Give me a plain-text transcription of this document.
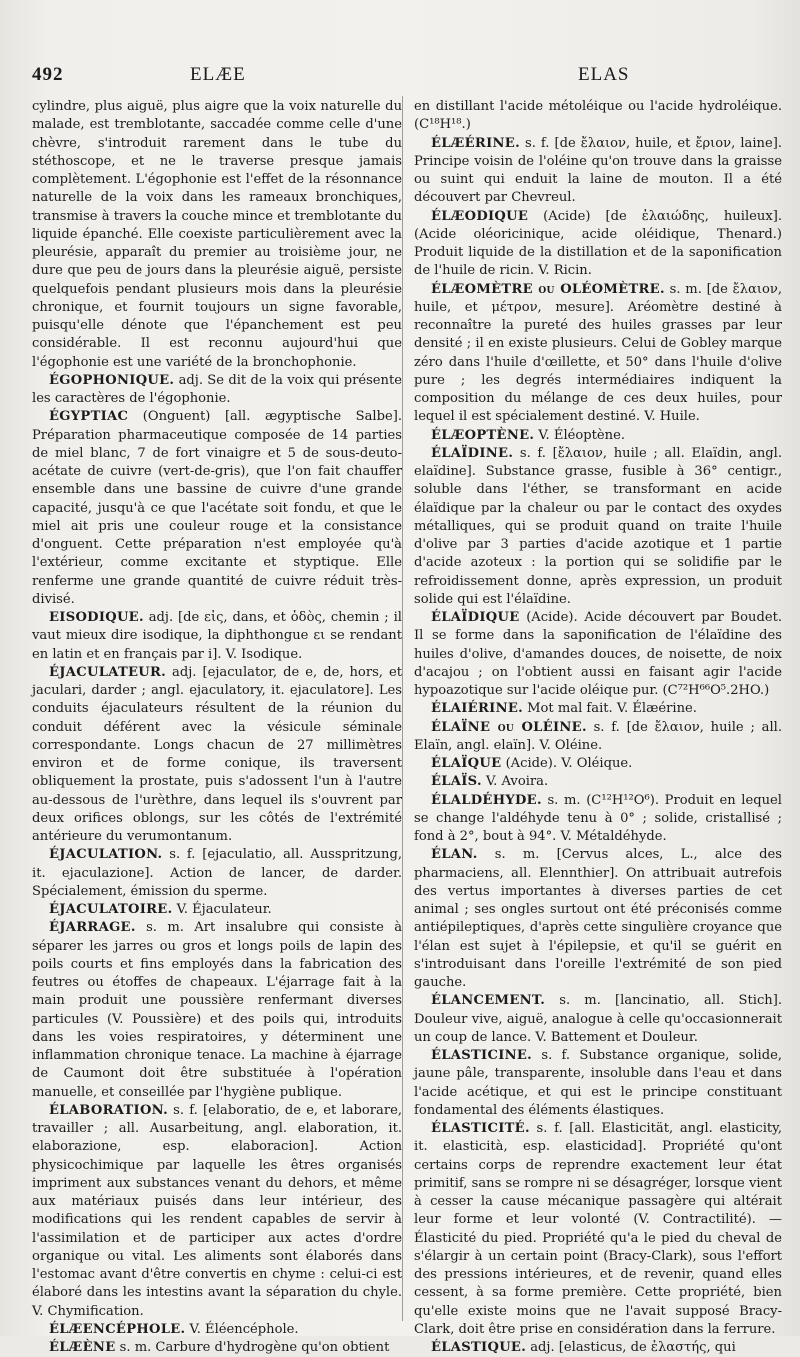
492	ELÆE	ELAS

cylindre, plus aiguë, plus aigre que la voix naturelle du malade, est tremblotante, saccadée comme celle d'une chèvre, s'introduit rarement dans le tube du stéthoscope, et ne le traverse presque jamais complètement. L'égophonie est l'effet de la résonnance naturelle de la voix dans les rameaux bronchiques, transmise à travers la couche mince et tremblotante du liquide épanché. Elle coexiste particulièrement avec la pleurésie, apparaît du premier au troisième jour, ne dure que peu de jours dans la pleurésie aiguë, persiste quelquefois pendant plusieurs mois dans la pleurésie chronique, et fournit toujours un signe favorable, puisqu'elle dénote que l'épanchement est peu considérable. Il est reconnu aujourd'hui que l'égophonie est une variété de la bronchophonie.

ÉGOPHONIQUE. adj. Se dit de la voix qui présente les caractères de l'égophonie.

ÉGYPTIAC (Onguent) [all. ægyptische Salbe]. Préparation pharmaceutique composée de 14 parties de miel blanc, 7 de fort vinaigre et 5 de sous-deuto-acétate de cuivre (vert-de-gris), que l'on fait chauffer ensemble dans une bassine de cuivre d'une grande capacité, jusqu'à ce que l'acétate soit fondu, et que le miel ait pris une couleur rouge et la consistance d'onguent. Cette préparation n'est employée qu'à l'extérieur, comme excitante et styptique. Elle renferme une grande quantité de cuivre réduit très-divisé.

EISODIQUE. adj. [de εἰς, dans, et ὁδὸς, chemin ; il vaut mieux dire isodique, la diphthongue ει se rendant en latin et en français par i]. V. Isodique.

ÉJACULATEUR. adj. [ejaculator, de e, de, hors, et jaculari, darder ; angl. ejaculatory, it. ejaculatore]. Les conduits éjaculateurs résultent de la réunion du conduit déférent avec la vésicule séminale correspondante. Longs chacun de 27 millimètres environ et de forme conique, ils traversent obliquement la prostate, puis s'adossent l'un à l'autre au-dessous de l'urèthre, dans lequel ils s'ouvrent par deux orifices oblongs, sur les côtés de l'extrémité antérieure du verumontanum.

ÉJACULATION. s. f. [ejaculatio, all. Ausspritzung, it. ejaculazione]. Action de lancer, de darder. Spécialement, émission du sperme.

ÉJACULATOIRE. V. Éjaculateur.

ÉJARRAGE. s. m. Art insalubre qui consiste à séparer les jarres ou gros et longs poils de lapin des poils courts et fins employés dans la fabrication des feutres ou étoffes de chapeaux. L'éjarrage fait à la main produit une poussière renfermant diverses particules (V. Poussière) et des poils qui, introduits dans les voies respiratoires, y déterminent une inflammation chronique tenace. La machine à éjarrage de Caumont doit être substituée à l'opération manuelle, et conseillée par l'hygiène publique.

ÉLABORATION. s. f. [elaboratio, de e, et laborare, travailler ; all. Ausarbeitung, angl. elaboration, it. elaborazione, esp. elaboracion]. Action physicochimique par laquelle les êtres organisés impriment aux substances venant du dehors, et même aux matériaux puisés dans leur intérieur, des modifications qui les rendent capables de servir à l'assimilation et de participer aux actes d'ordre organique ou vital. Les aliments sont élaborés dans l'estomac avant d'être convertis en chyme : celui-ci est élaboré dans les intestins avant la séparation du chyle. V. Chymification.

ÉLÆENCÉPHOLE. V. Éléencéphole.

ÉLÆÈNE s. m. Carbure d'hydrogène qu'on obtient

en distillant l'acide métoléique ou l'acide hydroléique. (C¹⁸H¹⁸.)

ÉLÆÉRINE. s. f. [de ἔλαιον, huile, et ἔριον, laine]. Principe voisin de l'oléine qu'on trouve dans la graisse ou suint qui enduit la laine de mouton. Il a été découvert par Chevreul.

ÉLÆODIQUE (Acide) [de ἐλαιώδης, huileux]. (Acide oléoricinique, acide oléidique, Thenard.) Produit liquide de la distillation et de la saponification de l'huile de ricin. V. Ricin.

ÉLÆOMÈTRE ou OLÉOMÈTRE. s. m. [de ἔλαιον, huile, et μέτρον, mesure]. Aréomètre destiné à reconnaître la pureté des huiles grasses par leur densité ; il en existe plusieurs. Celui de Gobley marque zéro dans l'huile d'œillette, et 50° dans l'huile d'olive pure ; les degrés intermédiaires indiquent la composition du mélange de ces deux huiles, pour lequel il est spécialement destiné. V. Huile.

ÉLÆOPTÈNE. V. Éléoptène.

ÉLAÏDINE. s. f. [ἔλαιον, huile ; all. Elaïdin, angl. elaïdine]. Substance grasse, fusible à 36° centigr., soluble dans l'éther, se transformant en acide élaïdique par la chaleur ou par le contact des oxydes métalliques, qui se produit quand on traite l'huile d'olive par 3 parties d'acide azotique et 1 partie d'acide azoteux : la portion qui se solidifie par le refroidissement donne, après expression, un produit solide qui est l'élaïdine.

ÉLAÏDIQUE (Acide). Acide découvert par Boudet. Il se forme dans la saponification de l'élaïdine des huiles d'olive, d'amandes douces, de noisette, de noix d'acajou ; on l'obtient aussi en faisant agir l'acide hypoazotique sur l'acide oléique pur. (C⁷²H⁶⁶O⁵.2HO.)

ÉLAIÉRINE. Mot mal fait. V. Élæérine.

ÉLAÏNE ou OLÉINE. s. f. [de ἔλαιον, huile ; all. Elaïn, angl. elaïn]. V. Oléine.

ÉLAÏQUE (Acide). V. Oléique.

ÉLAÏS. V. Avoira.

ÉLALDÉHYDE. s. m. (C¹²H¹²O⁶). Produit en lequel se change l'aldéhyde tenu à 0° ; solide, cristallisé ; fond à 2°, bout à 94°. V. Métaldéhyde.

ÉLAN. s. m. [Cervus alces, L., alce des pharmaciens, all. Elennthier]. On attribuait autrefois des vertus importantes à diverses parties de cet animal ; ses ongles surtout ont été préconisés comme antiépileptiques, d'après cette singulière croyance que l'élan est sujet à l'épilepsie, et qu'il se guérit en s'introduisant dans l'oreille l'extrémité de son pied gauche.

ÉLANCEMENT. s. m. [lancinatio, all. Stich]. Douleur vive, aiguë, analogue à celle qu'occasionnerait un coup de lance. V. Battement et Douleur.

ÉLASTICINE. s. f. Substance organique, solide, jaune pâle, transparente, insoluble dans l'eau et dans l'acide acétique, et qui est le principe constituant fondamental des éléments élastiques.

ÉLASTICITÉ. s. f. [all. Elasticität, angl. elasticity, it. elasticità, esp. elasticidad]. Propriété qu'ont certains corps de reprendre exactement leur état primitif, sans se rompre ni se désagréger, lorsque vient à cesser la cause mécanique passagère qui altérait leur forme et leur volonté (V. Contractilité). — Élasticité du pied. Propriété qu'a le pied du cheval de s'élargir à un certain point (Bracy-Clark), sous l'effort des pressions intérieures, et de revenir, quand elles cessent, à sa forme première. Cette propriété, bien qu'elle existe moins que ne l'avait supposé Bracy-Clark, doit être prise en considération dans la ferrure.

ÉLASTIQUE. adj. [elasticus, de ἐλαστής, qui
